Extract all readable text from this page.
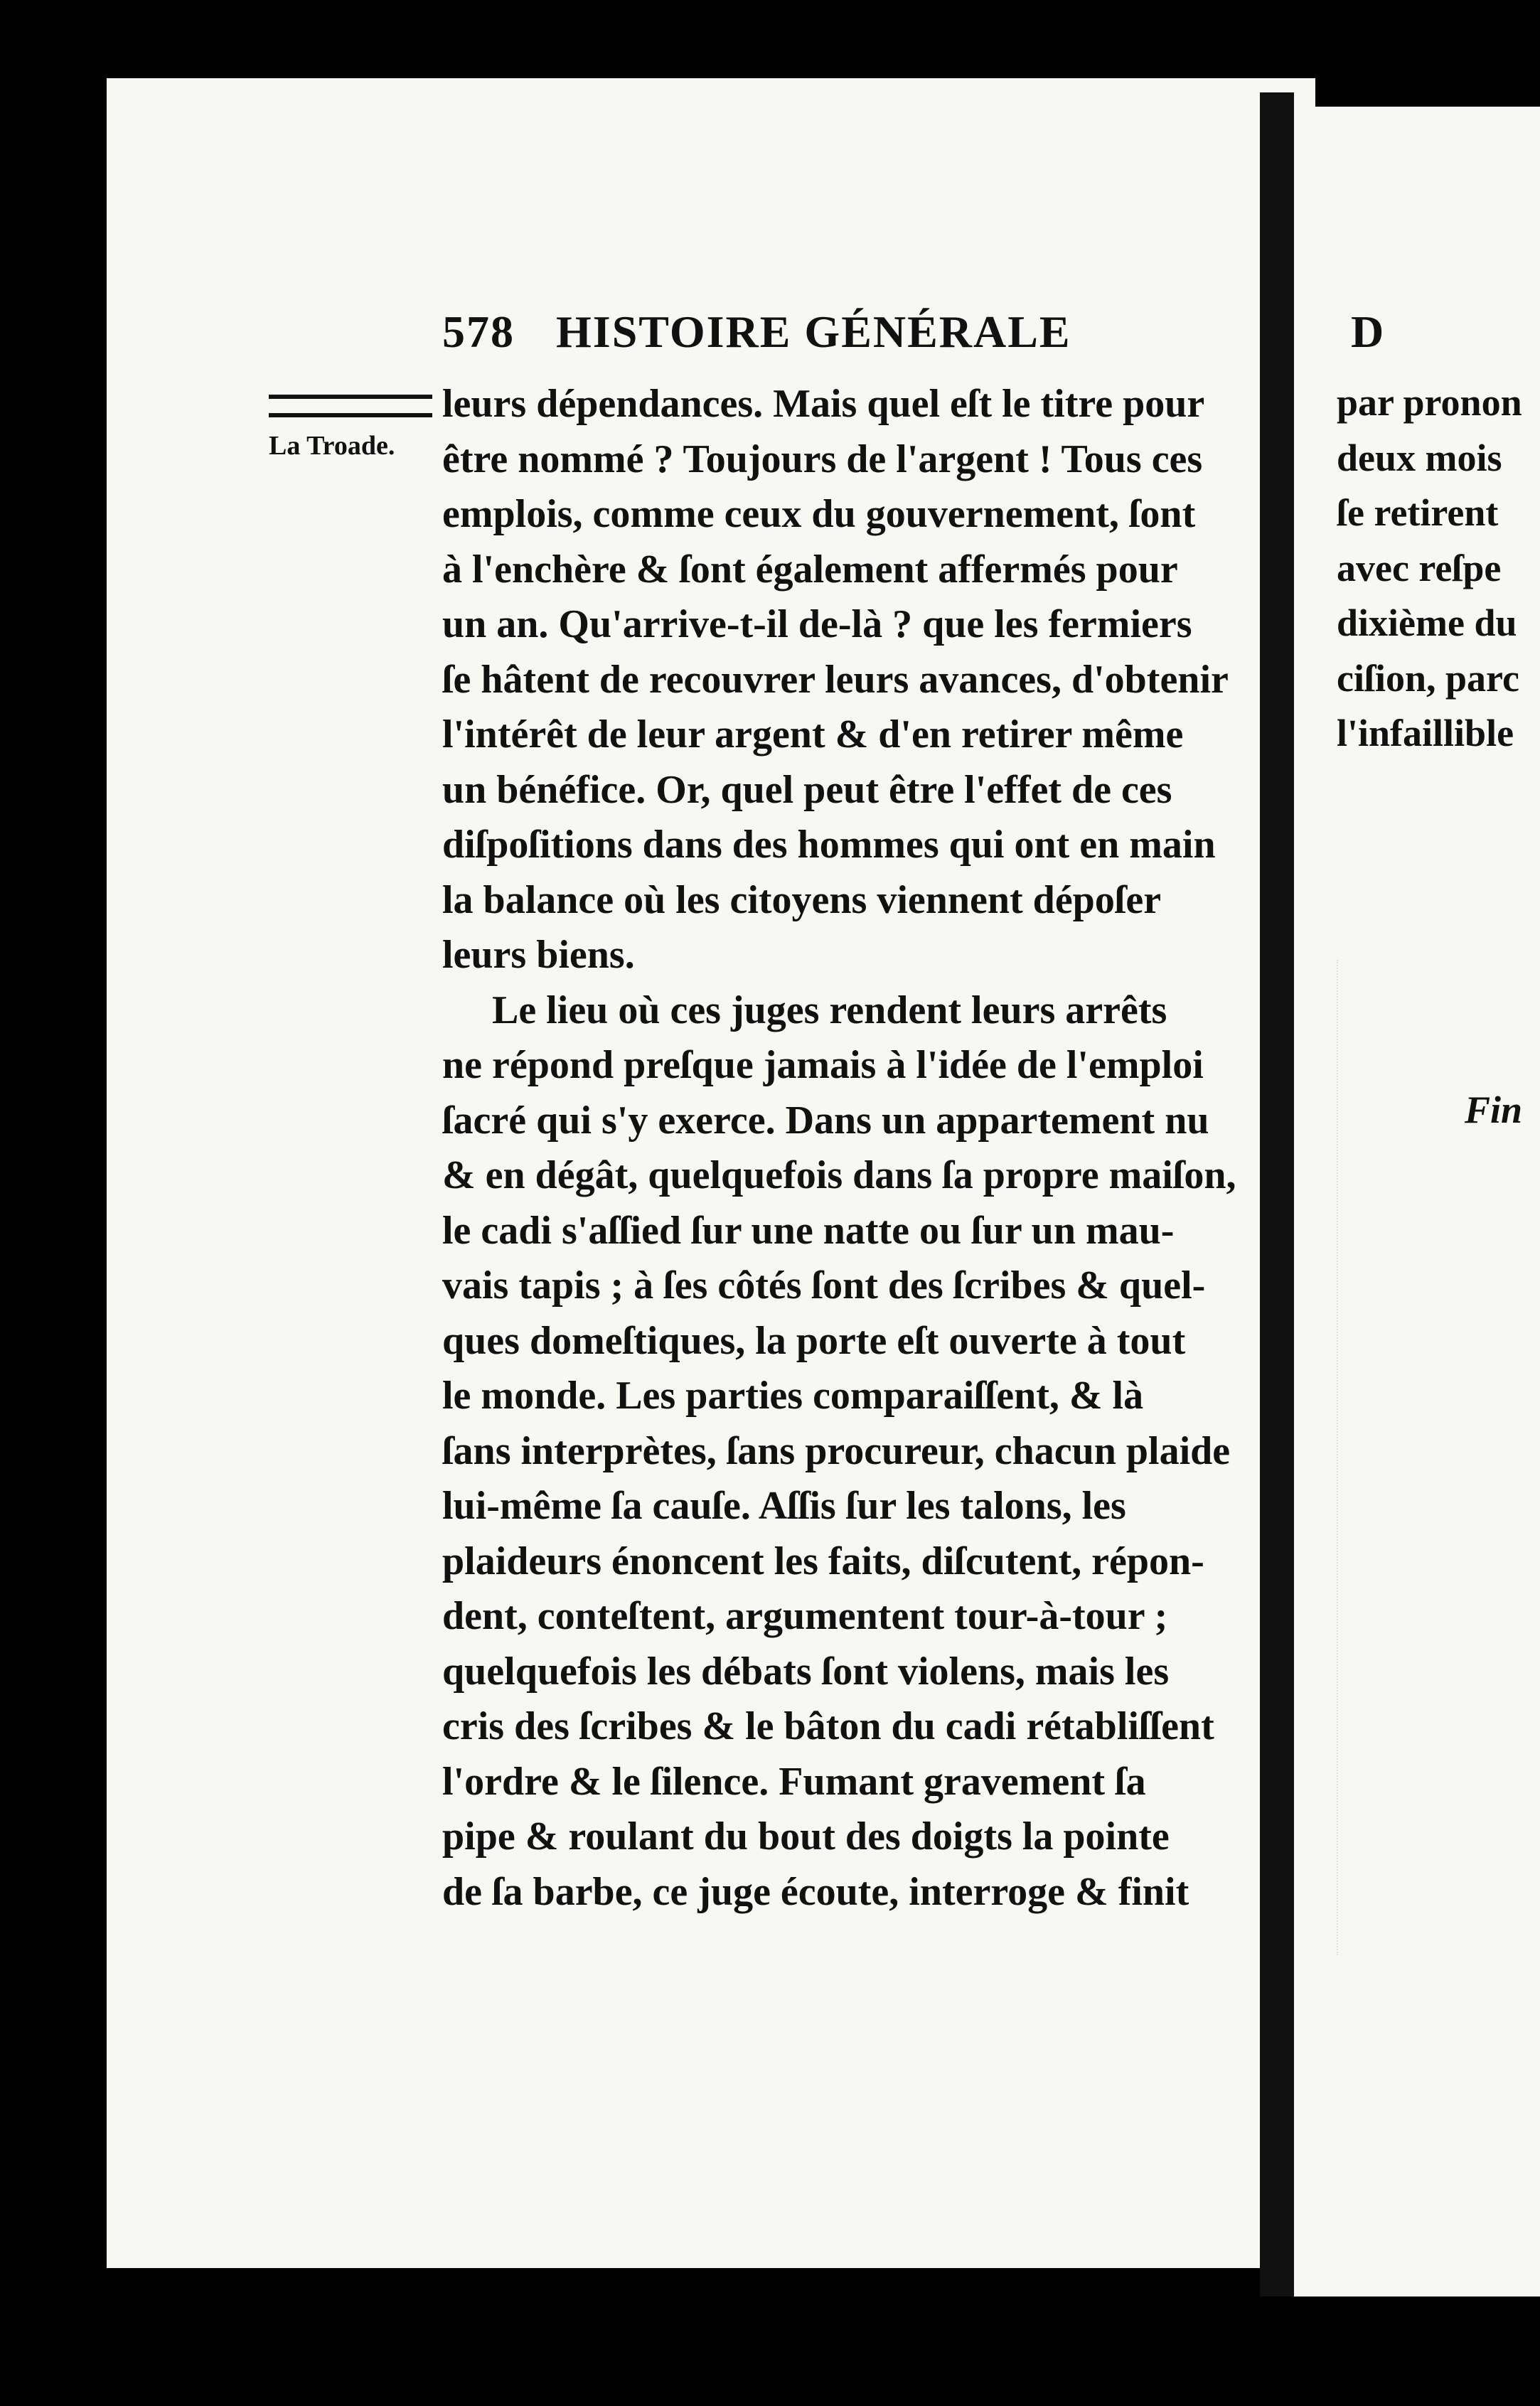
D
par pronon
deux mois
ſe retirent
avec reſpe
dixième du
ciſion, parc
l'infaillible
Fin
578 HISTOIRE GÉNÉRALE
La Troade.
leurs dépendances. Mais quel eſt le titre pour
être nommé ? Toujours de l'argent ! Tous ces
emplois, comme ceux du gouvernement, ſont
à l'enchère & ſont également affermés pour
un an. Qu'arrive-t-il de-là ? que les fermiers
ſe hâtent de recouvrer leurs avances, d'obtenir
l'intérêt de leur argent & d'en retirer même
un bénéfice. Or, quel peut être l'effet de ces
diſpoſitions dans des hommes qui ont en main
la balance où les citoyens viennent dépoſer
leurs biens.
Le lieu où ces juges rendent leurs arrêts
ne répond preſque jamais à l'idée de l'emploi
ſacré qui s'y exerce. Dans un appartement nu
& en dégât, quelquefois dans ſa propre maiſon,
le cadi s'aſſied ſur une natte ou ſur un mau-
vais tapis ; à ſes côtés ſont des ſcribes & quel-
ques domeſtiques, la porte eſt ouverte à tout
le monde. Les parties comparaiſſent, & là
ſans interprètes, ſans procureur, chacun plaide
lui-même ſa cauſe. Aſſis ſur les talons, les
plaideurs énoncent les faits, diſcutent, répon-
dent, conteſtent, argumentent tour-à-tour ;
quelquefois les débats ſont violens, mais les
cris des ſcribes & le bâton du cadi rétabliſſent
l'ordre & le ſilence. Fumant gravement ſa
pipe & roulant du bout des doigts la pointe
de ſa barbe, ce juge écoute, interroge & finit
